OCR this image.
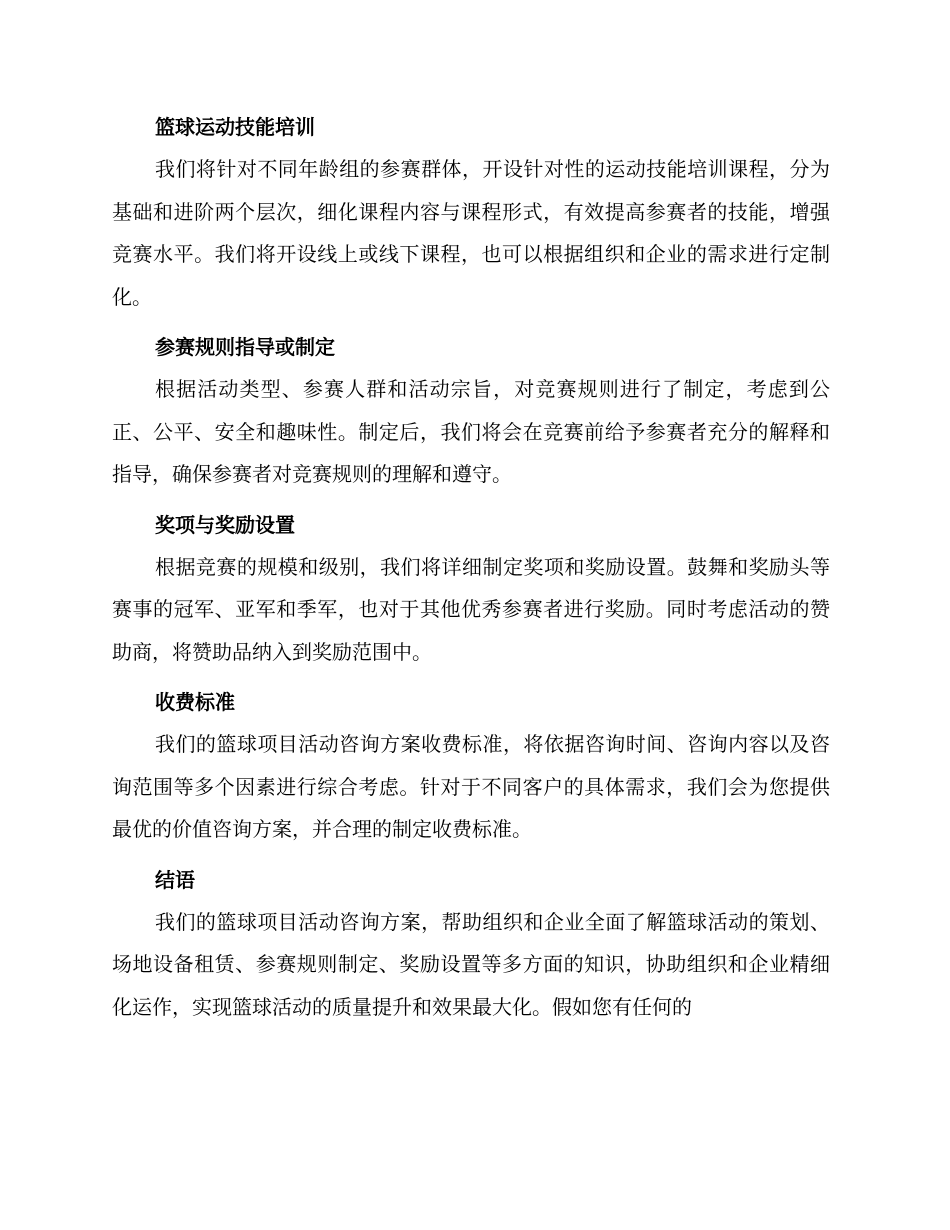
篮球运动技能培训

我们将针对不同年龄组的参赛群体，开设针对性的运动技能培训课程，分为基础和进阶两个层次，细化课程内容与课程形式，有效提高参赛者的技能，增强竞赛水平。我们将开设线上或线下课程，也可以根据组织和企业的需求进行定制化。

参赛规则指导或制定

根据活动类型、参赛人群和活动宗旨，对竞赛规则进行了制定，考虑到公正、公平、安全和趣味性。制定后，我们将会在竞赛前给予参赛者充分的解释和指导，确保参赛者对竞赛规则的理解和遵守。

奖项与奖励设置

根据竞赛的规模和级别，我们将详细制定奖项和奖励设置。鼓舞和奖励头等赛事的冠军、亚军和季军，也对于其他优秀参赛者进行奖励。同时考虑活动的赞助商，将赞助品纳入到奖励范围中。

收费标准

我们的篮球项目活动咨询方案收费标准，将依据咨询时间、咨询内容以及咨询范围等多个因素进行综合考虑。针对于不同客户的具体需求，我们会为您提供最优的价值咨询方案，并合理的制定收费标准。

结语

我们的篮球项目活动咨询方案，帮助组织和企业全面了解篮球活动的策划、场地设备租赁、参赛规则制定、奖励设置等多方面的知识，协助组织和企业精细化运作，实现篮球活动的质量提升和效果最大化。假如您有任何的
